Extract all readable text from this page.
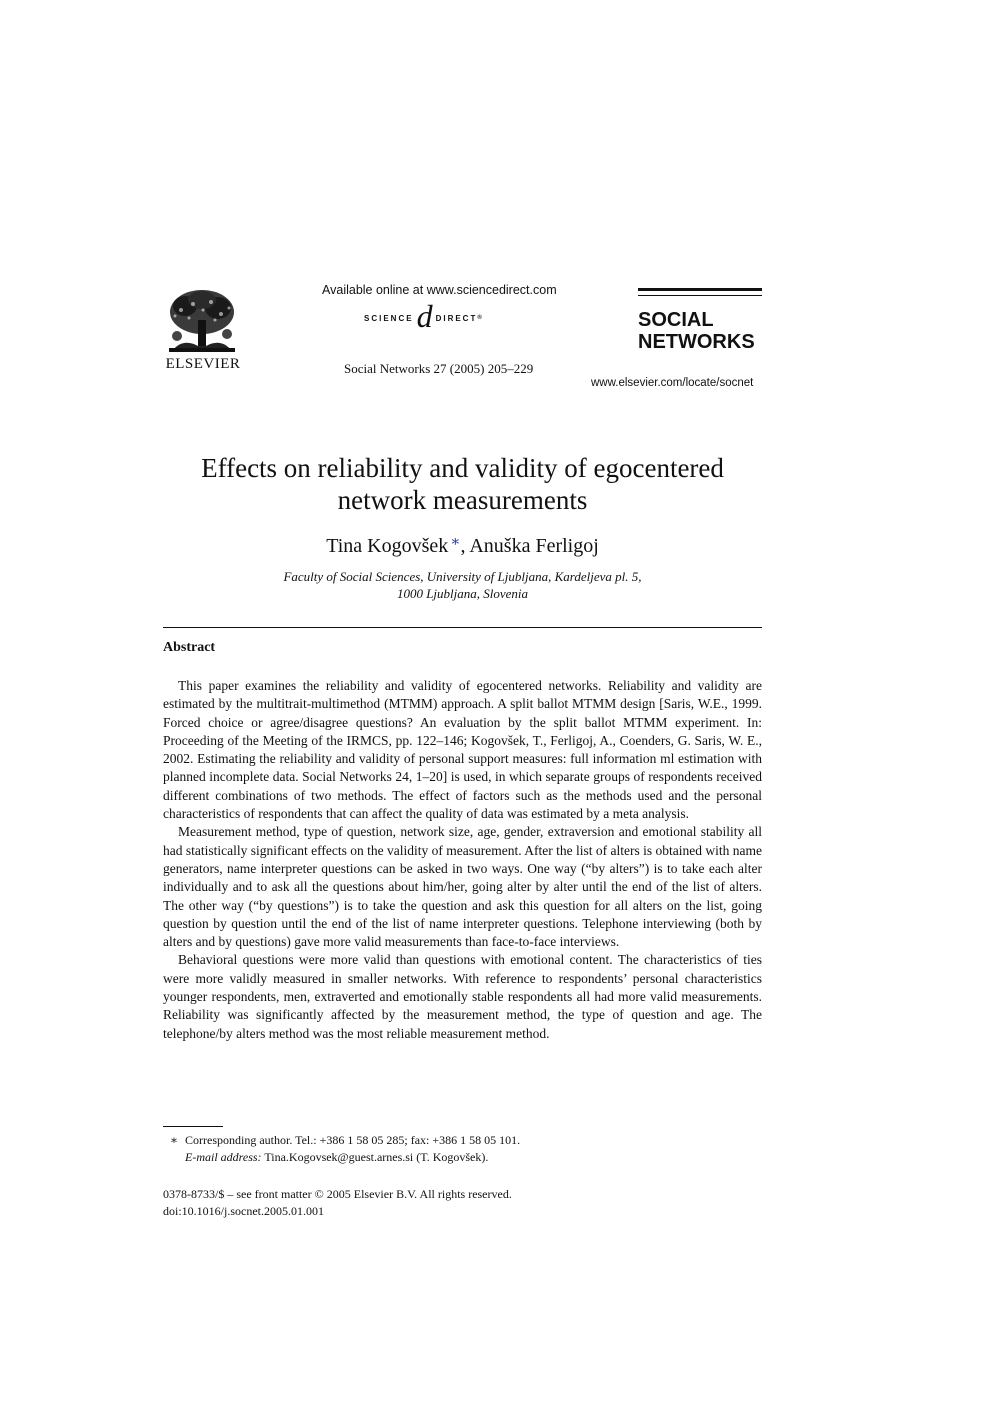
ELSEVIER
Available online at www.sciencedirect.com
SCIENCE d DIRECT ®
Social Networks 27 (2005) 205–229
SOCIAL
NETWORKS
www.elsevier.com/locate/socnet
Effects on reliability and validity of egocentered
network measurements
Tina Kogovšek ∗, Anuška Ferligoj
Faculty of Social Sciences, University of Ljubljana, Kardeljeva pl. 5,
1000 Ljubljana, Slovenia
Abstract

This paper examines the reliability and validity of egocentered networks. Reliability and validity are estimated by the multitrait-multimethod (MTMM) approach. A split ballot MTMM design [Saris, W.E., 1999. Forced choice or agree/disagree questions? An evaluation by the split ballot MTMM experiment. In: Proceeding of the Meeting of the IRMCS, pp. 122–146; Kogovšek, T., Ferligoj, A., Coenders, G. Saris, W. E., 2002. Estimating the reliability and validity of personal support measures: full information ml estimation with planned incomplete data. Social Networks 24, 1–20] is used, in which separate groups of respondents received different combinations of two methods. The effect of factors such as the methods used and the personal characteristics of respondents that can affect the quality of data was estimated by a meta analysis.

Measurement method, type of question, network size, age, gender, extraversion and emotional stability all had statistically significant effects on the validity of measurement. After the list of alters is obtained with name generators, name interpreter questions can be asked in two ways. One way (“by alters”) is to take each alter individually and to ask all the questions about him/her, going alter by alter until the end of the list of alters. The other way (“by questions”) is to take the question and ask this question for all alters on the list, going question by question until the end of the list of name interpreter questions. Telephone interviewing (both by alters and by questions) gave more valid measurements than face-to-face interviews.

Behavioral questions were more valid than questions with emotional content. The characteristics of ties were more validly measured in smaller networks. With reference to respondents’ personal characteristics younger respondents, men, extraverted and emotionally stable respondents all had more valid measurements. Reliability was significantly affected by the measurement method, the type of question and age. The telephone/by alters method was the most reliable measurement method.

∗ Corresponding author. Tel.: +386 1 58 05 285; fax: +386 1 58 05 101.
E-mail address: Tina.Kogovsek@guest.arnes.si (T. Kogovšek).
0378-8733/$ – see front matter © 2005 Elsevier B.V. All rights reserved.
doi:10.1016/j.socnet.2005.01.001
